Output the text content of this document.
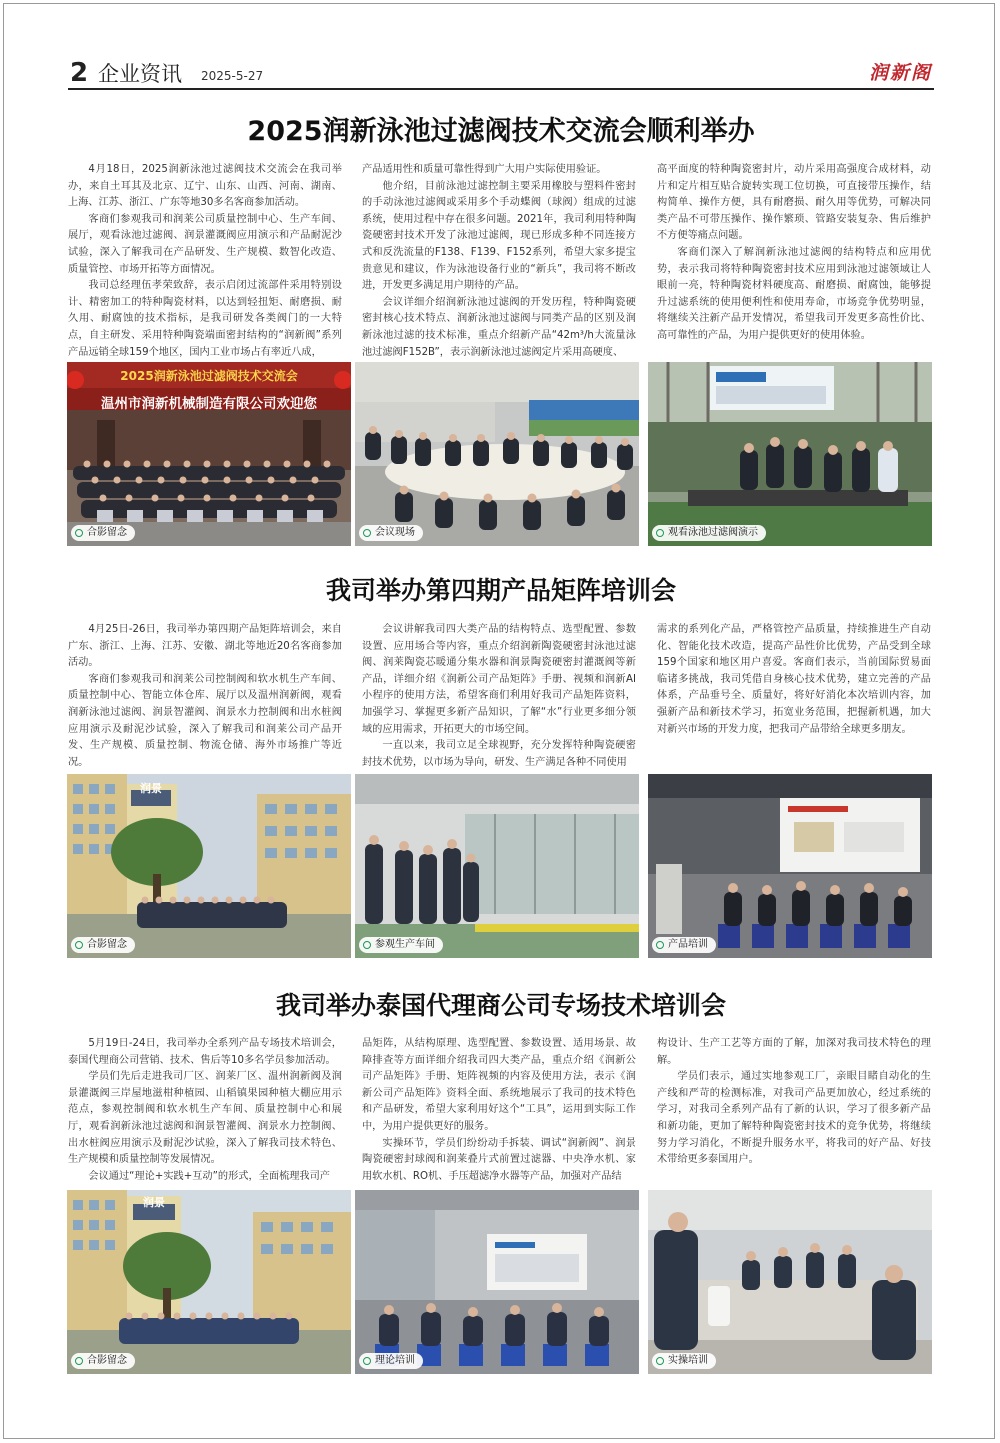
2 企业资讯 2025-5-27	润新阁
2025润新泳池过滤阀技术交流会顺利举办

4月18日，2025润新泳池过滤阀技术交流会在我司举办，来自土耳其及北京、辽宁、山东、山西、河南、湖南、上海、江苏、浙江、广东等地30多名客商参加活动。

客商们参观我司和润莱公司质量控制中心、生产车间、展厅，观看泳池过滤阀、润景灌溉阀应用演示和产品耐泥沙试验，深入了解我司在产品研发、生产规模、数智化改造、质量管控、市场开拓等方面情况。

我司总经理伍孝荣致辞，表示启闭过流部件采用特别设计、精密加工的特种陶瓷材料，以达到轻扭矩、耐磨损、耐久用、耐腐蚀的技术指标，是我司研发各类阀门的一大特点，自主研发、采用特种陶瓷端面密封结构的“润新阀”系列产品远销全球159个地区，国内工业市场占有率近八成，

产品适用性和质量可靠性得到广大用户实际使用验证。

他介绍，目前泳池过滤控制主要采用橡胶与塑料件密封的手动泳池过滤阀或采用多个手动蝶阀（球阀）组成的过滤系统，使用过程中存在很多问题。2021年，我司利用特种陶瓷硬密封技术开发了泳池过滤阀，现已形成多种不同连接方式和反洗流量的F138、F139、F152系列，希望大家多提宝贵意见和建议，作为泳池设备行业的“新兵”，我司将不断改进，开发更多满足用户期待的产品。

会议详细介绍润新泳池过滤阀的开发历程，特种陶瓷硬密封核心技术特点、润新泳池过滤阀与同类产品的区别及润新泳池过滤的技术标准，重点介绍新产品“42m³/h大流量泳池过滤阀F152B”，表示润新泳池过滤阀定片采用高硬度、

高平面度的特种陶瓷密封片，动片采用高强度合成材料，动片和定片相互贴合旋转实现工位切换，可直接带压操作，结构简单、操作方便，具有耐磨损、耐久用等优势，可解决同类产品不可带压操作、操作繁琐、管路安装复杂、售后维护不方便等痛点问题。

客商们深入了解润新泳池过滤阀的结构特点和应用优势，表示我司将特种陶瓷密封技术应用到泳池过滤领域让人眼前一亮，特种陶瓷材料硬度高、耐磨损、耐腐蚀，能够提升过滤系统的使用便利性和使用寿命，市场竞争优势明显，将继续关注新产品开发情况，希望我司开发更多高性价比、高可靠性的产品，为用户提供更好的使用体验。

2025润新泳池过滤阀技术交流会
温州市润新机械制造有限公司欢迎您
合影留念	会议现场	观看泳池过滤阀演示
我司举办第四期产品矩阵培训会

4月25日-26日，我司举办第四期产品矩阵培训会，来自广东、浙江、上海、江苏、安徽、湖北等地近20名客商参加活动。

客商们参观我司和润莱公司控制阀和软水机生产车间、质量控制中心、智能立体仓库、展厅以及温州润新阀，观看润新泳池过滤阀、润景智灌阀、润景水力控制阀和出水桩阀应用演示及耐泥沙试验，深入了解我司和润莱公司产品开发、生产规模、质量控制、物流仓储、海外市场推广等近况。

会议讲解我司四大类产品的结构特点、选型配置、参数设置、应用场合等内容，重点介绍润新陶瓷硬密封泳池过滤阀、润莱陶瓷芯暖通分集水器和润景陶瓷硬密封灌溉阀等新产品，详细介绍《润新公司产品矩阵》手册、视频和润新AI小程序的使用方法，希望客商们利用好我司产品矩阵资料，加强学习、掌握更多新产品知识，了解“水”行业更多细分领域的应用需求，开拓更大的市场空间。

一直以来，我司立足全球视野，充分发挥特种陶瓷硬密封技术优势，以市场为导向，研发、生产满足各种不同使用

需求的系列化产品，严格管控产品质量，持续推进生产自动化、智能化技术改造，提高产品性价比优势，产品受到全球159个国家和地区用户喜爱。客商们表示，当前国际贸易面临诸多挑战，我司凭借自身核心技术优势，建立完善的产品体系，产品垂号全、质量好，将好好消化本次培训内容，加强新产品和新技术学习，拓宽业务范围，把握新机遇，加大对新兴市场的开发力度，把我司产品带给全球更多朋友。

润景
合影留念	参观生产车间	产品培训
我司举办泰国代理商公司专场技术培训会

5月19日-24日，我司举办全系列产品专场技术培训会，泰国代理商公司营销、技术、售后等10多名学员参加活动。

学员们先后走进我司厂区、润莱厂区、温州润新阀及润景灌溉阀三岸屋地滋柑种植园、山稻镇果园种植大棚应用示范点，参观控制阀和软水机生产车间、质量控制中心和展厅，观看润新泳池过滤阀和润景智灌阀、润景水力控制阀、出水桩阀应用演示及耐泥沙试验，深入了解我司技术特色、生产规模和质量控制等发展情况。

会议通过“理论+实践+互动”的形式，全面梳理我司产

品矩阵，从结构原理、选型配置、参数设置、适用场景、故障排查等方面详细介绍我司四大类产品，重点介绍《润新公司产品矩阵》手册、矩阵视频的内容及使用方法，表示《润新公司产品矩阵》资料全面、系统地展示了我司的技术特色和产品研发，希望大家利用好这个“工具”，运用到实际工作中，为用户提供更好的服务。

实操环节，学员们纷纷动手拆装、调试“润新阀”、润景陶瓷硬密封球阀和润莱叠片式前置过滤器、中央净水机、家用软水机、RO机、手压超滤净水器等产品，加强对产品结

构设计、生产工艺等方面的了解，加深对我司技术特色的理解。

学员们表示，通过实地参观工厂，亲眼目睹自动化的生产线和严苛的检测标准，对我司产品更加放心，经过系统的学习，对我司全系列产品有了新的认识，学习了很多新产品和新功能，更加了解特种陶瓷密封技术的竞争优势，将继续努力学习消化，不断提升服务水平，将我司的好产品、好技术带给更多泰国用户。

润景
合影留念	理论培训	实操培训
